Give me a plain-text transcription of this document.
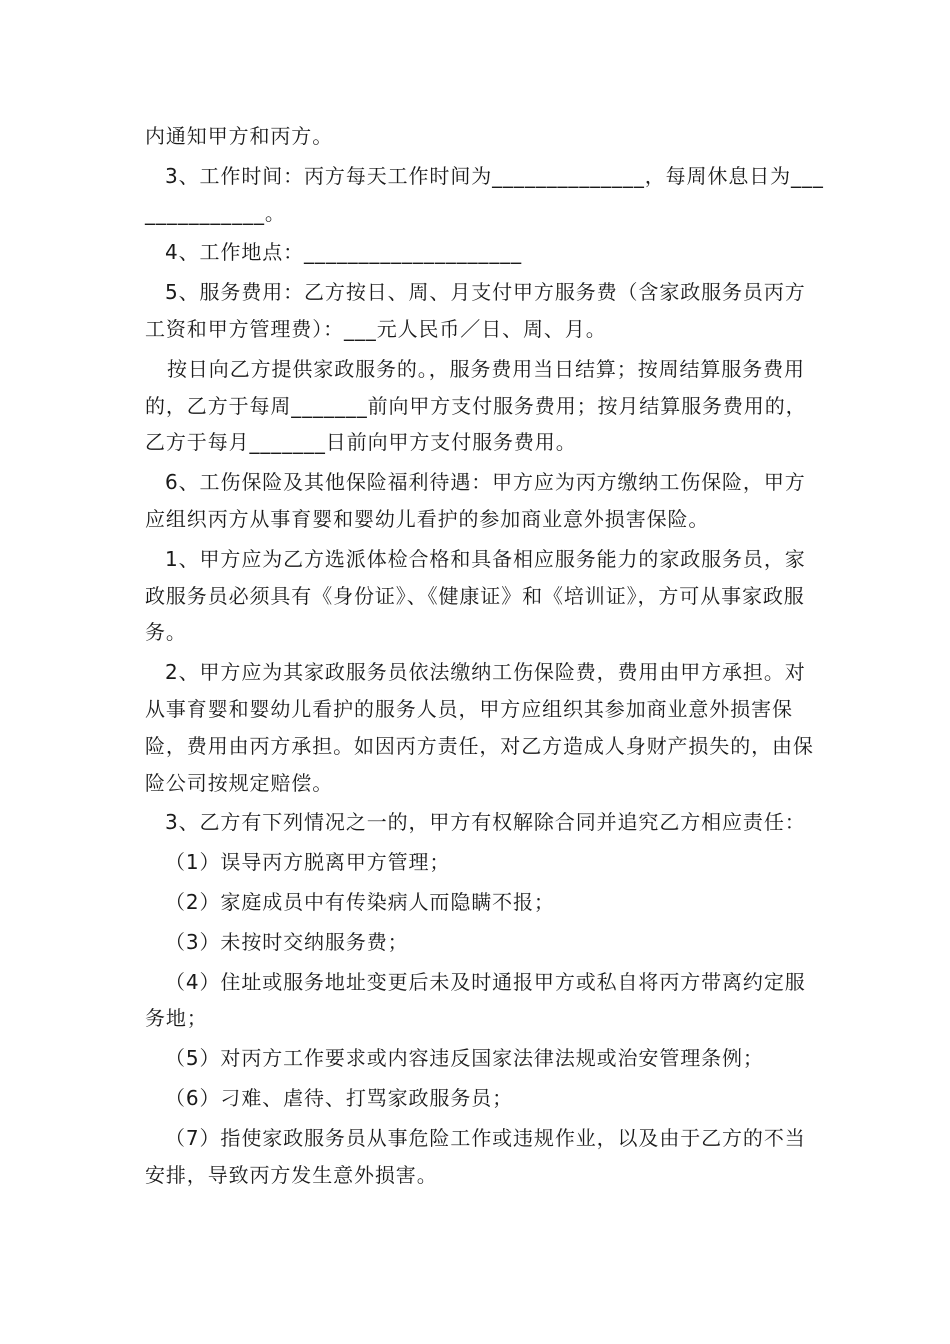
内通知甲方和丙方。

3、工作时间：丙方每天工作时间为______________，每周休息日为______________。

4、工作地点：____________________

5、服务费用：乙方按日、周、月支付甲方服务费（含家政服务员丙方工资和甲方管理费）：___元人民币／日、周、月。

按日向乙方提供家政服务的。，服务费用当日结算；按周结算服务费用的，乙方于每周_______前向甲方支付服务费用；按月结算服务费用的，乙方于每月_______日前向甲方支付服务费用。

6、工伤保险及其他保险福利待遇：甲方应为丙方缴纳工伤保险，甲方应组织丙方从事育婴和婴幼儿看护的参加商业意外损害保险。

1、甲方应为乙方选派体检合格和具备相应服务能力的家政服务员，家政服务员必须具有《身份证》、《健康证》和《培训证》，方可从事家政服务。

2、甲方应为其家政服务员依法缴纳工伤保险费，费用由甲方承担。对从事育婴和婴幼儿看护的服务人员，甲方应组织其参加商业意外损害保险，费用由丙方承担。如因丙方责任，对乙方造成人身财产损失的，由保险公司按规定赔偿。

3、乙方有下列情况之一的，甲方有权解除合同并追究乙方相应责任：

（1）误导丙方脱离甲方管理；

（2）家庭成员中有传染病人而隐瞒不报；

（3）未按时交纳服务费；

（4）住址或服务地址变更后未及时通报甲方或私自将丙方带离约定服务地；

（5）对丙方工作要求或内容违反国家法律法规或治安管理条例；

（6）刁难、虐待、打骂家政服务员；

（7）指使家政服务员从事危险工作或违规作业，以及由于乙方的不当安排，导致丙方发生意外损害。
